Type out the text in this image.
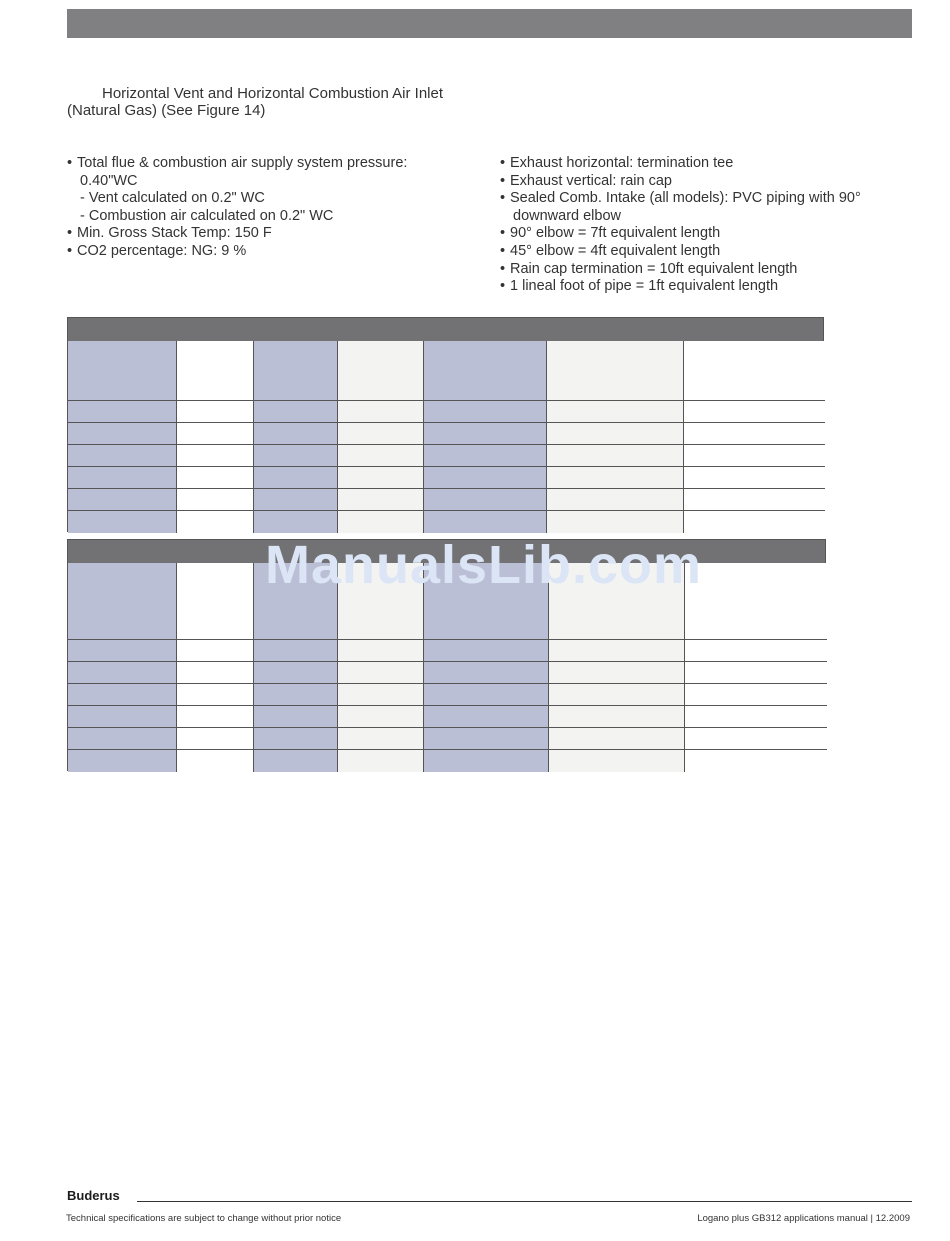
Horizontal Vent and Horizontal Combustion Air Inlet
(Natural Gas) (See Figure 14)
• Total flue & combustion air supply system pressure:
0.40"WC
- Vent calculated on 0.2" WC
- Combustion air calculated on 0.2" WC
• Min. Gross Stack Temp: 150 F
• CO2 percentage: NG: 9 %
• Exhaust horizontal: termination tee
• Exhaust vertical: rain cap
• Sealed Comb. Intake (all models): PVC piping with 90°
downward elbow
• 90° elbow = 7ft equivalent length
• 45° elbow = 4ft equivalent length
• Rain cap termination = 10ft equivalent length
• 1 lineal foot of pipe = 1ft equivalent length
ManualsLib.com
Buderus
Technical specifications are subject to change without prior notice	Logano plus GB312 applications manual | 12.2009
